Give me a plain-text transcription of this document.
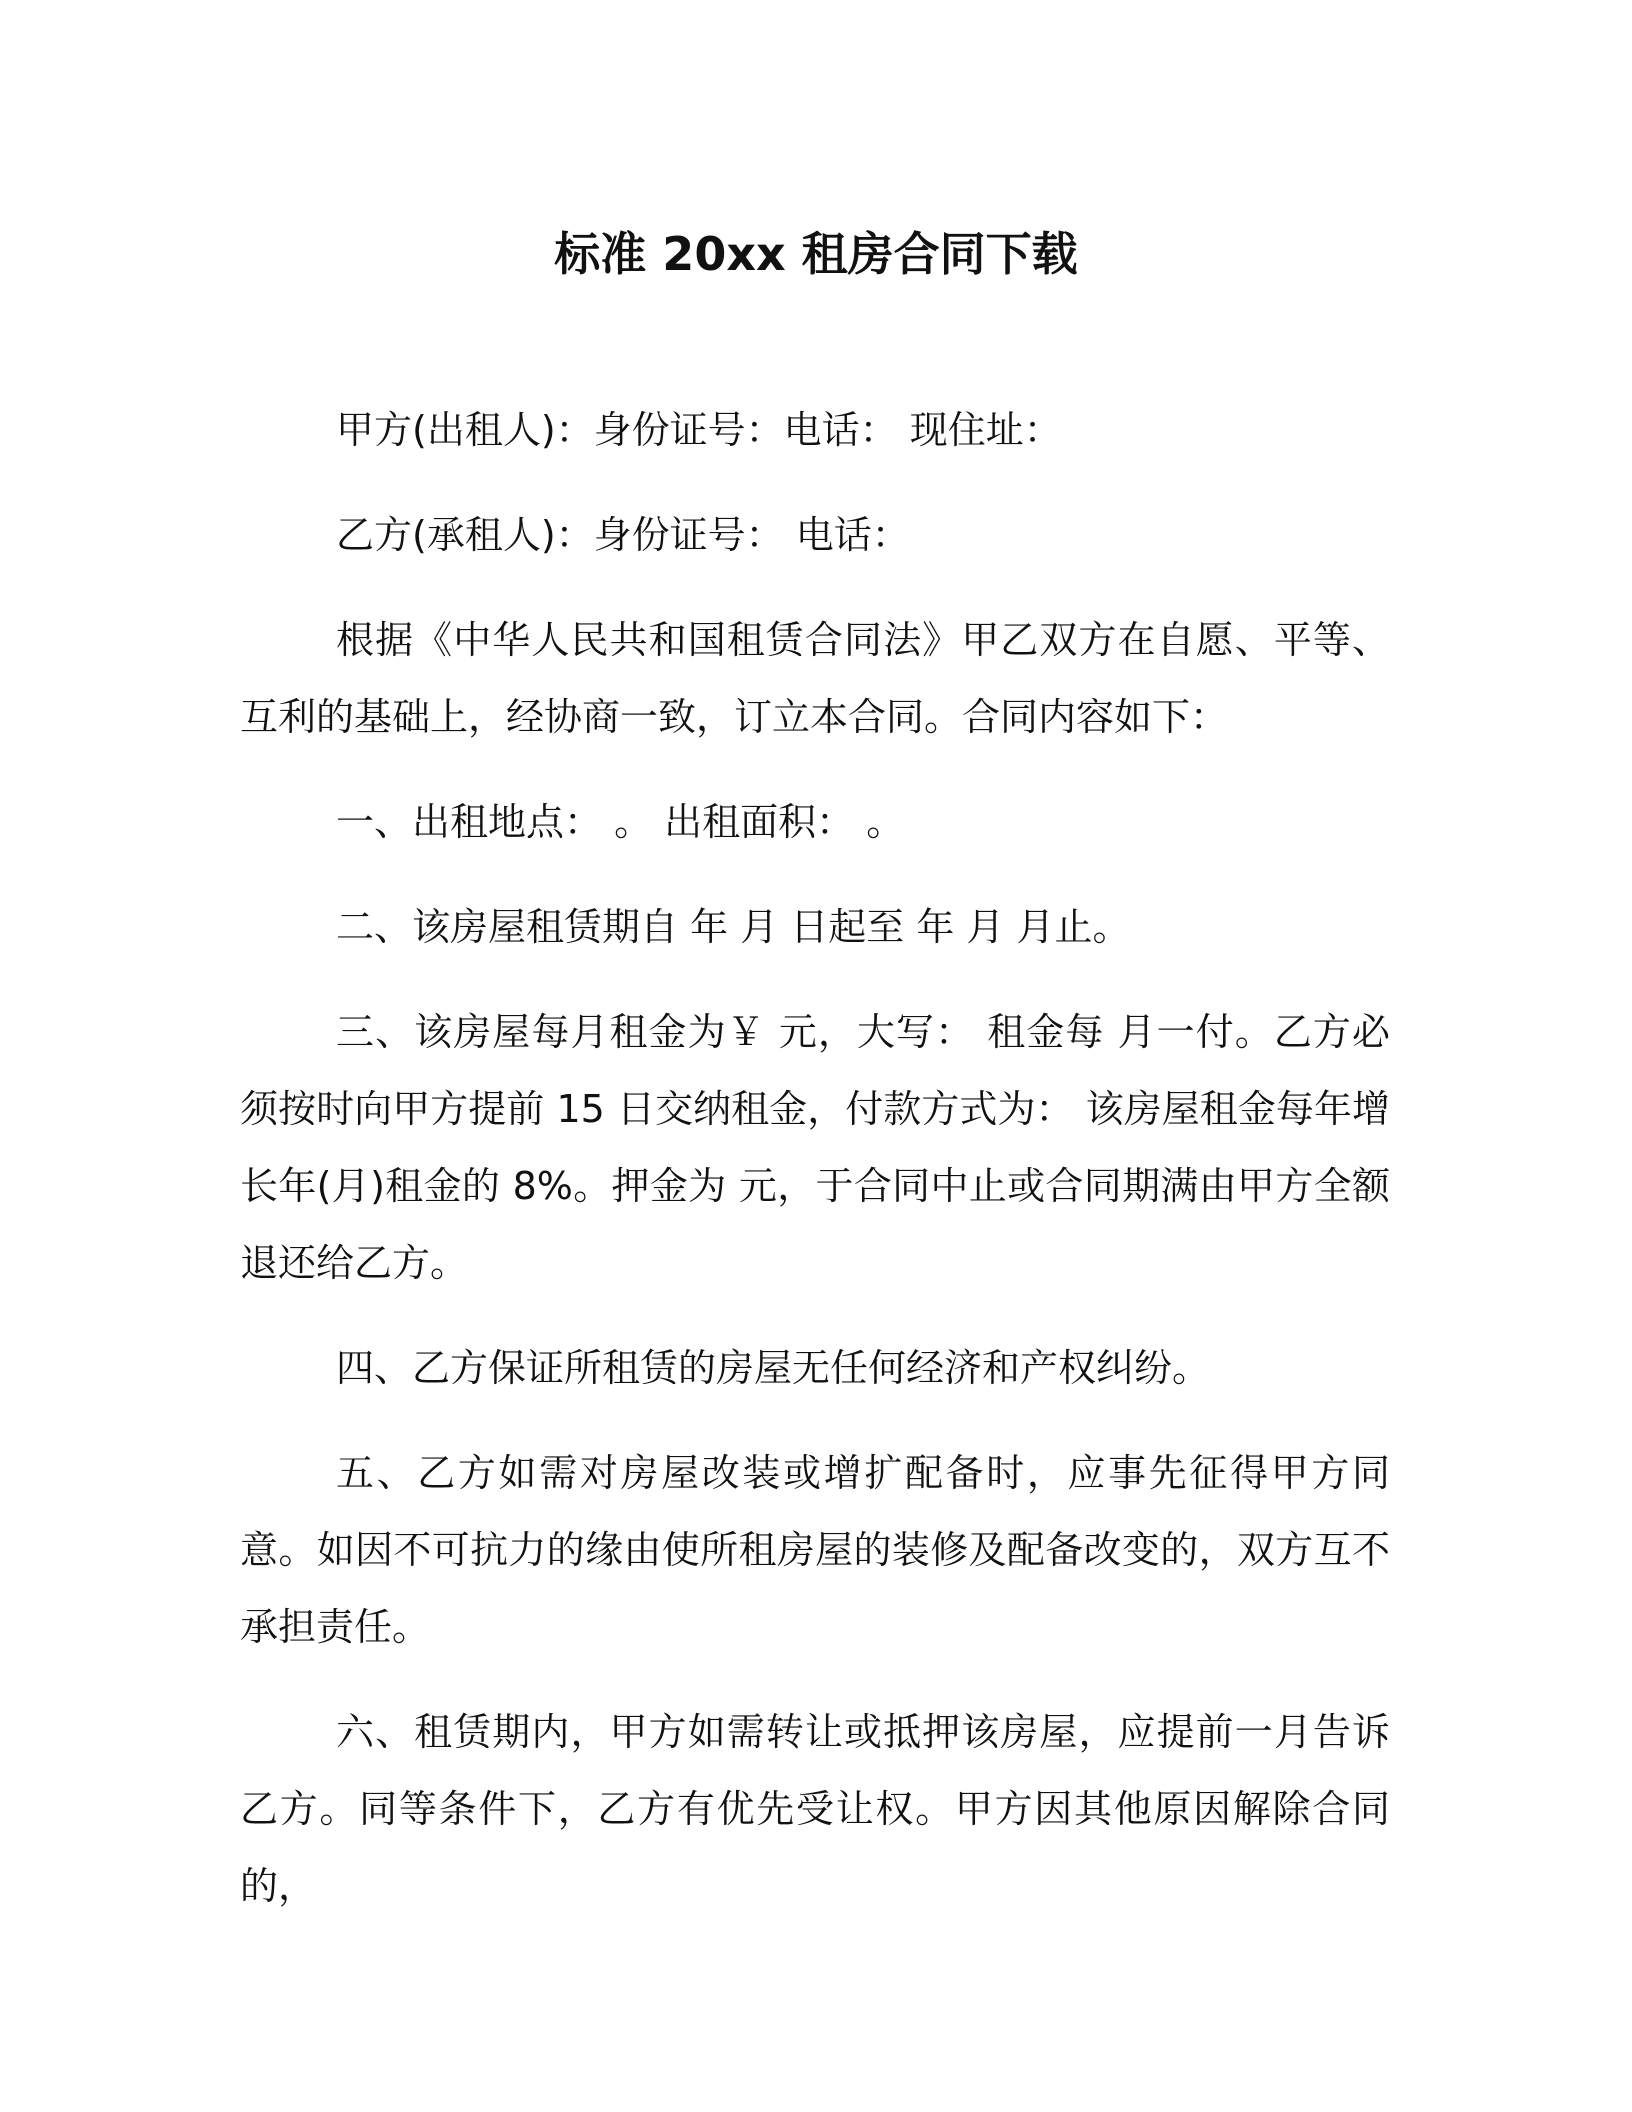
标准 20xx 租房合同下载

甲方(出租人)：身份证号：电话： 现住址：

乙方(承租人)：身份证号： 电话：

根据《中华人民共和国租赁合同法》甲乙双方在自愿、平等、互利的基础上，经协商一致，订立本合同。合同内容如下：

一、出租地点： 。 出租面积： 。

二、该房屋租赁期自 年 月 日起至 年 月 月止。

三、该房屋每月租金为￥ 元，大写： 租金每 月一付。乙方必须按时向甲方提前 15 日交纳租金，付款方式为： 该房屋租金每年增长年(月)租金的 8%。押金为 元，于合同中止或合同期满由甲方全额退还给乙方。

四、乙方保证所租赁的房屋无任何经济和产权纠纷。

五、乙方如需对房屋改装或增扩配备时，应事先征得甲方同意。如因不可抗力的缘由使所租房屋的装修及配备改变的，双方互不承担责任。

六、租赁期内，甲方如需转让或抵押该房屋，应提前一月告诉乙方。同等条件下，乙方有优先受让权。甲方因其他原因解除合同的，
